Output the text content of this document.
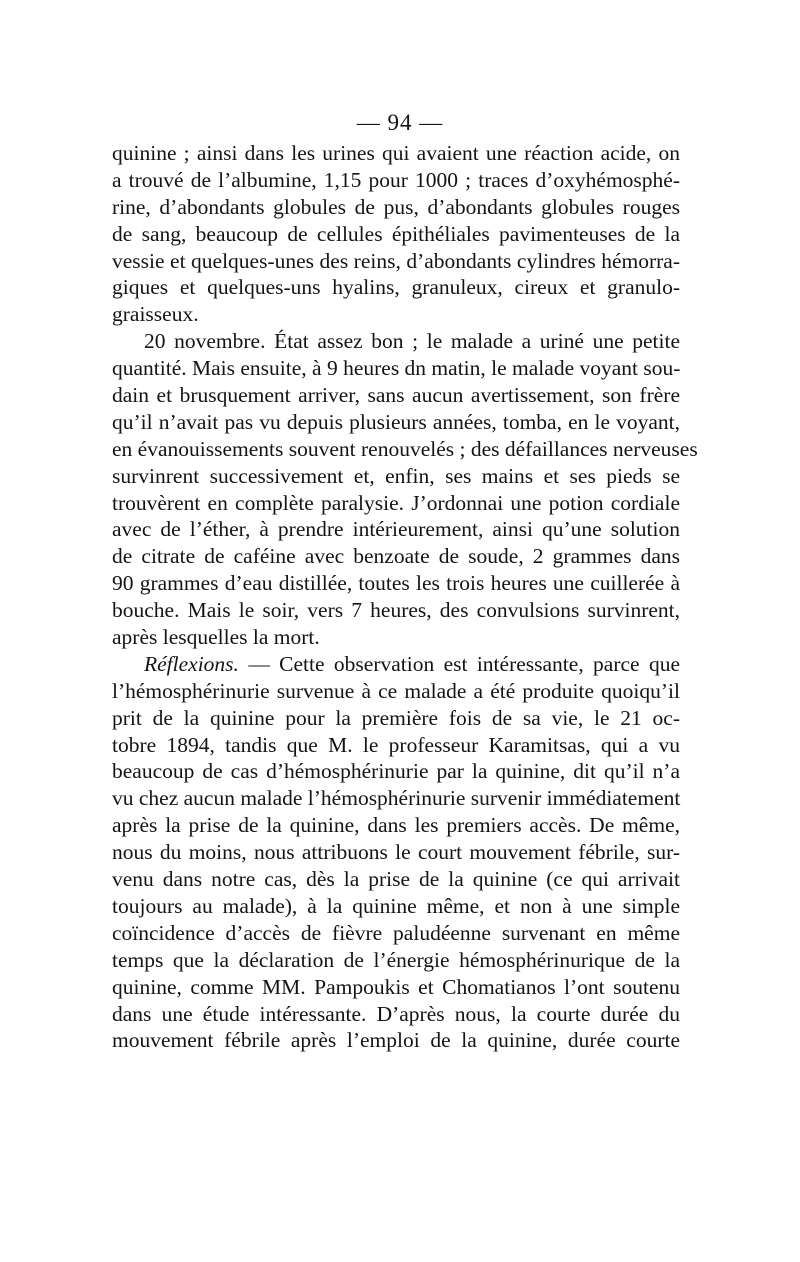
— 94 —
quinine ; ainsi dans les urines qui avaient une réaction acide, on
a trouvé de l’albumine, 1,15 pour 1000 ; traces d’oxyhémosphé-
rine, d’abondants globules de pus, d’abondants globules rouges
de sang, beaucoup de cellules épithéliales pavimenteuses de la
vessie et quelques-unes des reins, d’abondants cylindres hémorra-
giques et quelques-uns hyalins, granuleux, cireux et granulo-
graisseux.
20 novembre. État assez bon ; le malade a uriné une petite
quantité. Mais ensuite, à 9 heures dn matin, le malade voyant sou-
dain et brusquement arriver, sans aucun avertissement, son frère
qu’il n’avait pas vu depuis plusieurs années, tomba, en le voyant,
en évanouissements souvent renouvelés ; des défaillances nerveuses
survinrent successivement et, enfin, ses mains et ses pieds se
trouvèrent en complète paralysie. J’ordonnai une potion cordiale
avec de l’éther, à prendre intérieurement, ainsi qu’une solution
de citrate de caféine avec benzoate de soude, 2 grammes dans
90 grammes d’eau distillée, toutes les trois heures une cuillerée à
bouche. Mais le soir, vers 7 heures, des convulsions survinrent,
après lesquelles la mort.
Réflexions. — Cette observation est intéressante, parce que
l’hémosphérinurie survenue à ce malade a été produite quoiqu’il
prit de la quinine pour la première fois de sa vie, le 21 oc-
tobre 1894, tandis que M. le professeur Karamitsas, qui a vu
beaucoup de cas d’hémosphérinurie par la quinine, dit qu’il n’a
vu chez aucun malade l’hémosphérinurie survenir immédiatement
après la prise de la quinine, dans les premiers accès. De même,
nous du moins, nous attribuons le court mouvement fébrile, sur-
venu dans notre cas, dès la prise de la quinine (ce qui arrivait
toujours au malade), à la quinine même, et non à une simple
coïncidence d’accès de fièvre paludéenne survenant en même
temps que la déclaration de l’énergie hémosphérinurique de la
quinine, comme MM. Pampoukis et Chomatianos l’ont soutenu
dans une étude intéressante. D’après nous, la courte durée du
mouvement fébrile après l’emploi de la quinine, durée courte
